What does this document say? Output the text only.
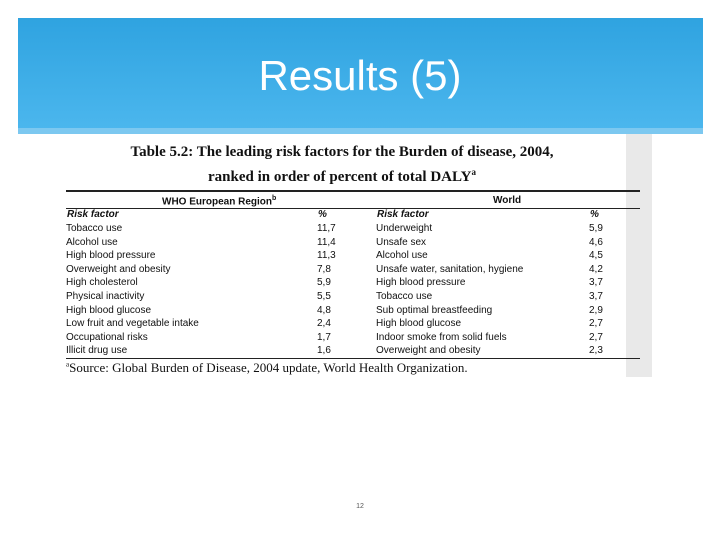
Results (5)
Table 5.2: The leading risk factors for the Burden of disease, 2004,
ranked in order of percent of total DALY$^a$
WHO European Region$^b$	World
Risk factor	%	Risk factor	%
Tobacco use	11,7	Underweight	5,9
Alcohol use	11,4	Unsafe sex	4,6
High blood pressure	11,3	Alcohol use	4,5
Overweight and obesity	7,8	Unsafe water, sanitation, hygiene	4,2
High cholesterol	5,9	High blood pressure	3,7
Physical inactivity	5,5	Tobacco use	3,7
High blood glucose	4,8	Sub optimal breastfeeding	2,9
Low fruit and vegetable intake	2,4	High blood glucose	2,7
Occupational risks	1,7	Indoor smoke from solid fuels	2,7
Illicit drug use	1,6	Overweight and obesity	2,3
$^a$Source: Global Burden of Disease, 2004 update, World Health Organization.
12
